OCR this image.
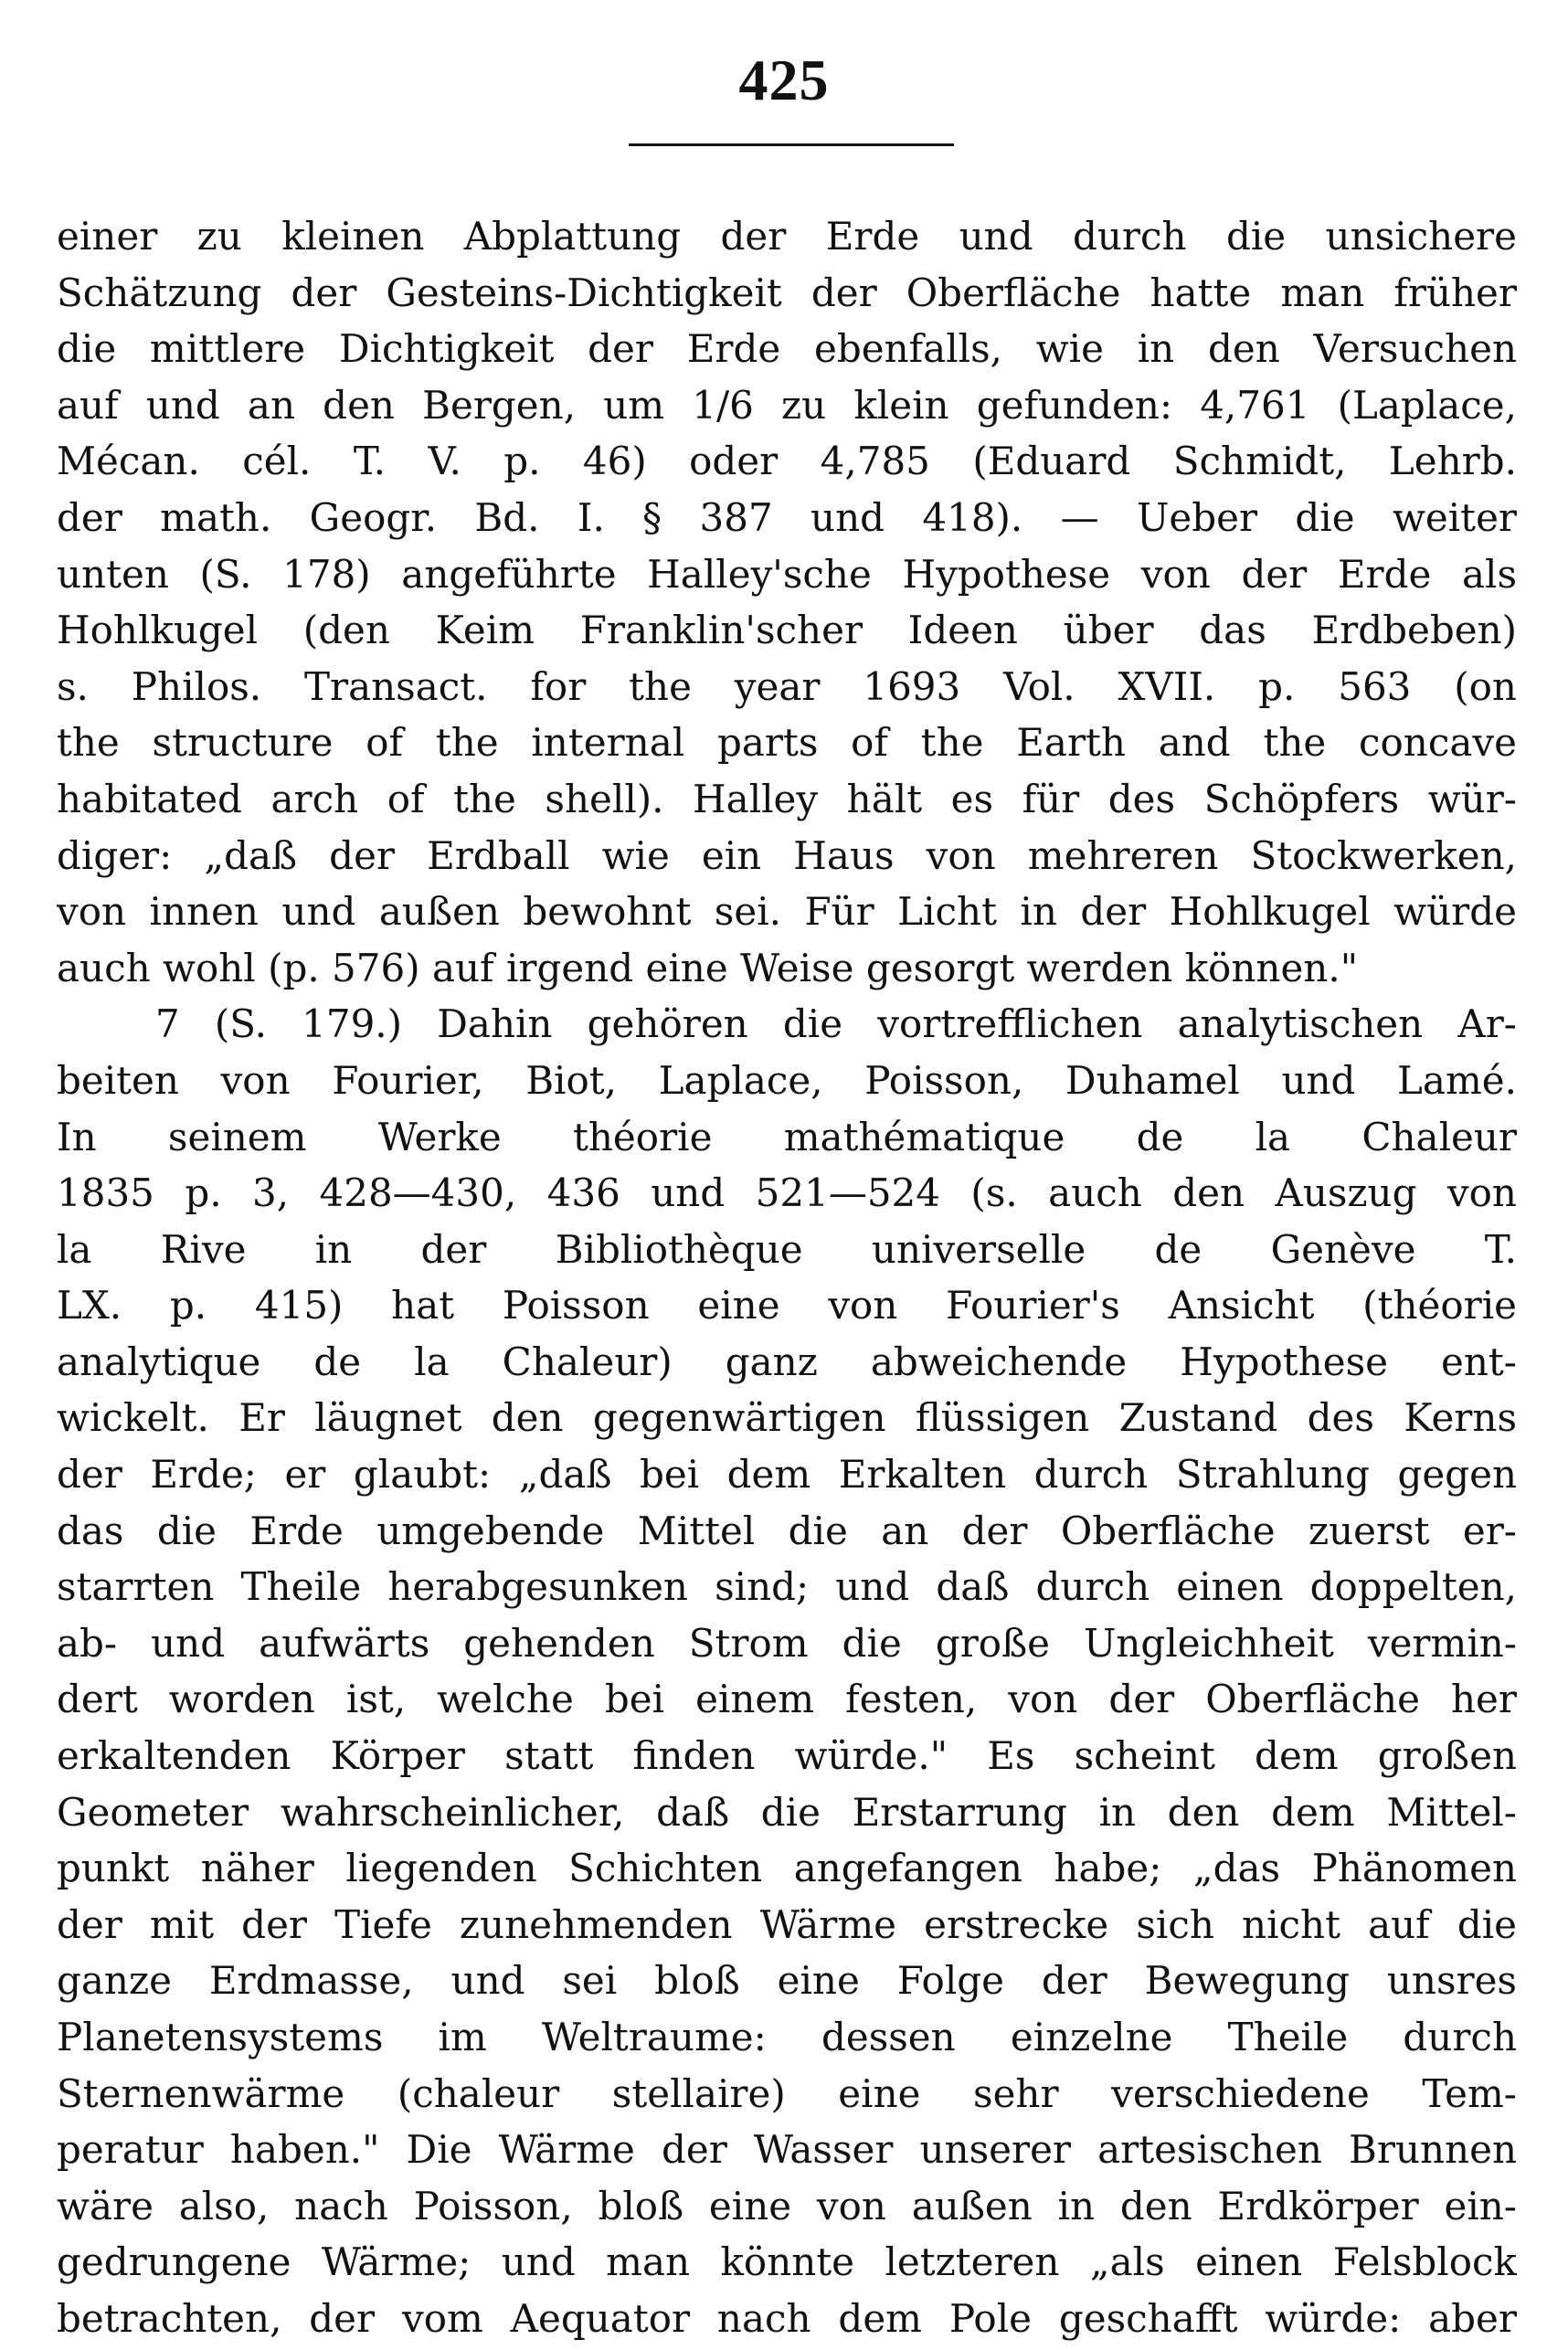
425
einer zu kleinen Abplattung der Erde und durch die unsichere
Schätzung der Gesteins-Dichtigkeit der Oberfläche hatte man früher
die mittlere Dichtigkeit der Erde ebenfalls, wie in den Versuchen
auf und an den Bergen, um 1/6 zu klein gefunden: 4,761 (Laplace,
Mécan. cél. T. V. p. 46) oder 4,785 (Eduard Schmidt, Lehrb.
der math. Geogr. Bd. I. § 387 und 418). — Ueber die weiter
unten (S. 178) angeführte Halley'sche Hypothese von der Erde als
Hohlkugel (den Keim Franklin'scher Ideen über das Erdbeben)
s. Philos. Transact. for the year 1693 Vol. XVII. p. 563 (on
the structure of the internal parts of the Earth and the concave
habitated arch of the shell). Halley hält es für des Schöpfers wür-
diger: „daß der Erdball wie ein Haus von mehreren Stockwerken,
von innen und außen bewohnt sei. Für Licht in der Hohlkugel würde
auch wohl (p. 576) auf irgend eine Weise gesorgt werden können."
7 (S. 179.) Dahin gehören die vortrefflichen analytischen Ar-
beiten von Fourier, Biot, Laplace, Poisson, Duhamel und Lamé.
In seinem Werke théorie mathématique de la Chaleur
1835 p. 3, 428—430, 436 und 521—524 (s. auch den Auszug von
la Rive in der Bibliothèque universelle de Genève T.
LX. p. 415) hat Poisson eine von Fourier's Ansicht (théorie
analytique de la Chaleur) ganz abweichende Hypothese ent-
wickelt. Er läugnet den gegenwärtigen flüssigen Zustand des Kerns
der Erde; er glaubt: „daß bei dem Erkalten durch Strahlung gegen
das die Erde umgebende Mittel die an der Oberfläche zuerst er-
starrten Theile herabgesunken sind; und daß durch einen doppelten,
ab- und aufwärts gehenden Strom die große Ungleichheit vermin-
dert worden ist, welche bei einem festen, von der Oberfläche her
erkaltenden Körper statt finden würde." Es scheint dem großen
Geometer wahrscheinlicher, daß die Erstarrung in den dem Mittel-
punkt näher liegenden Schichten angefangen habe; „das Phänomen
der mit der Tiefe zunehmenden Wärme erstrecke sich nicht auf die
ganze Erdmasse, und sei bloß eine Folge der Bewegung unsres
Planetensystems im Weltraume: dessen einzelne Theile durch
Sternenwärme (chaleur stellaire) eine sehr verschiedene Tem-
peratur haben." Die Wärme der Wasser unserer artesischen Brunnen
wäre also, nach Poisson, bloß eine von außen in den Erdkörper ein-
gedrungene Wärme; und man könnte letzteren „als einen Felsblock
betrachten, der vom Aequator nach dem Pole geschafft würde: aber
